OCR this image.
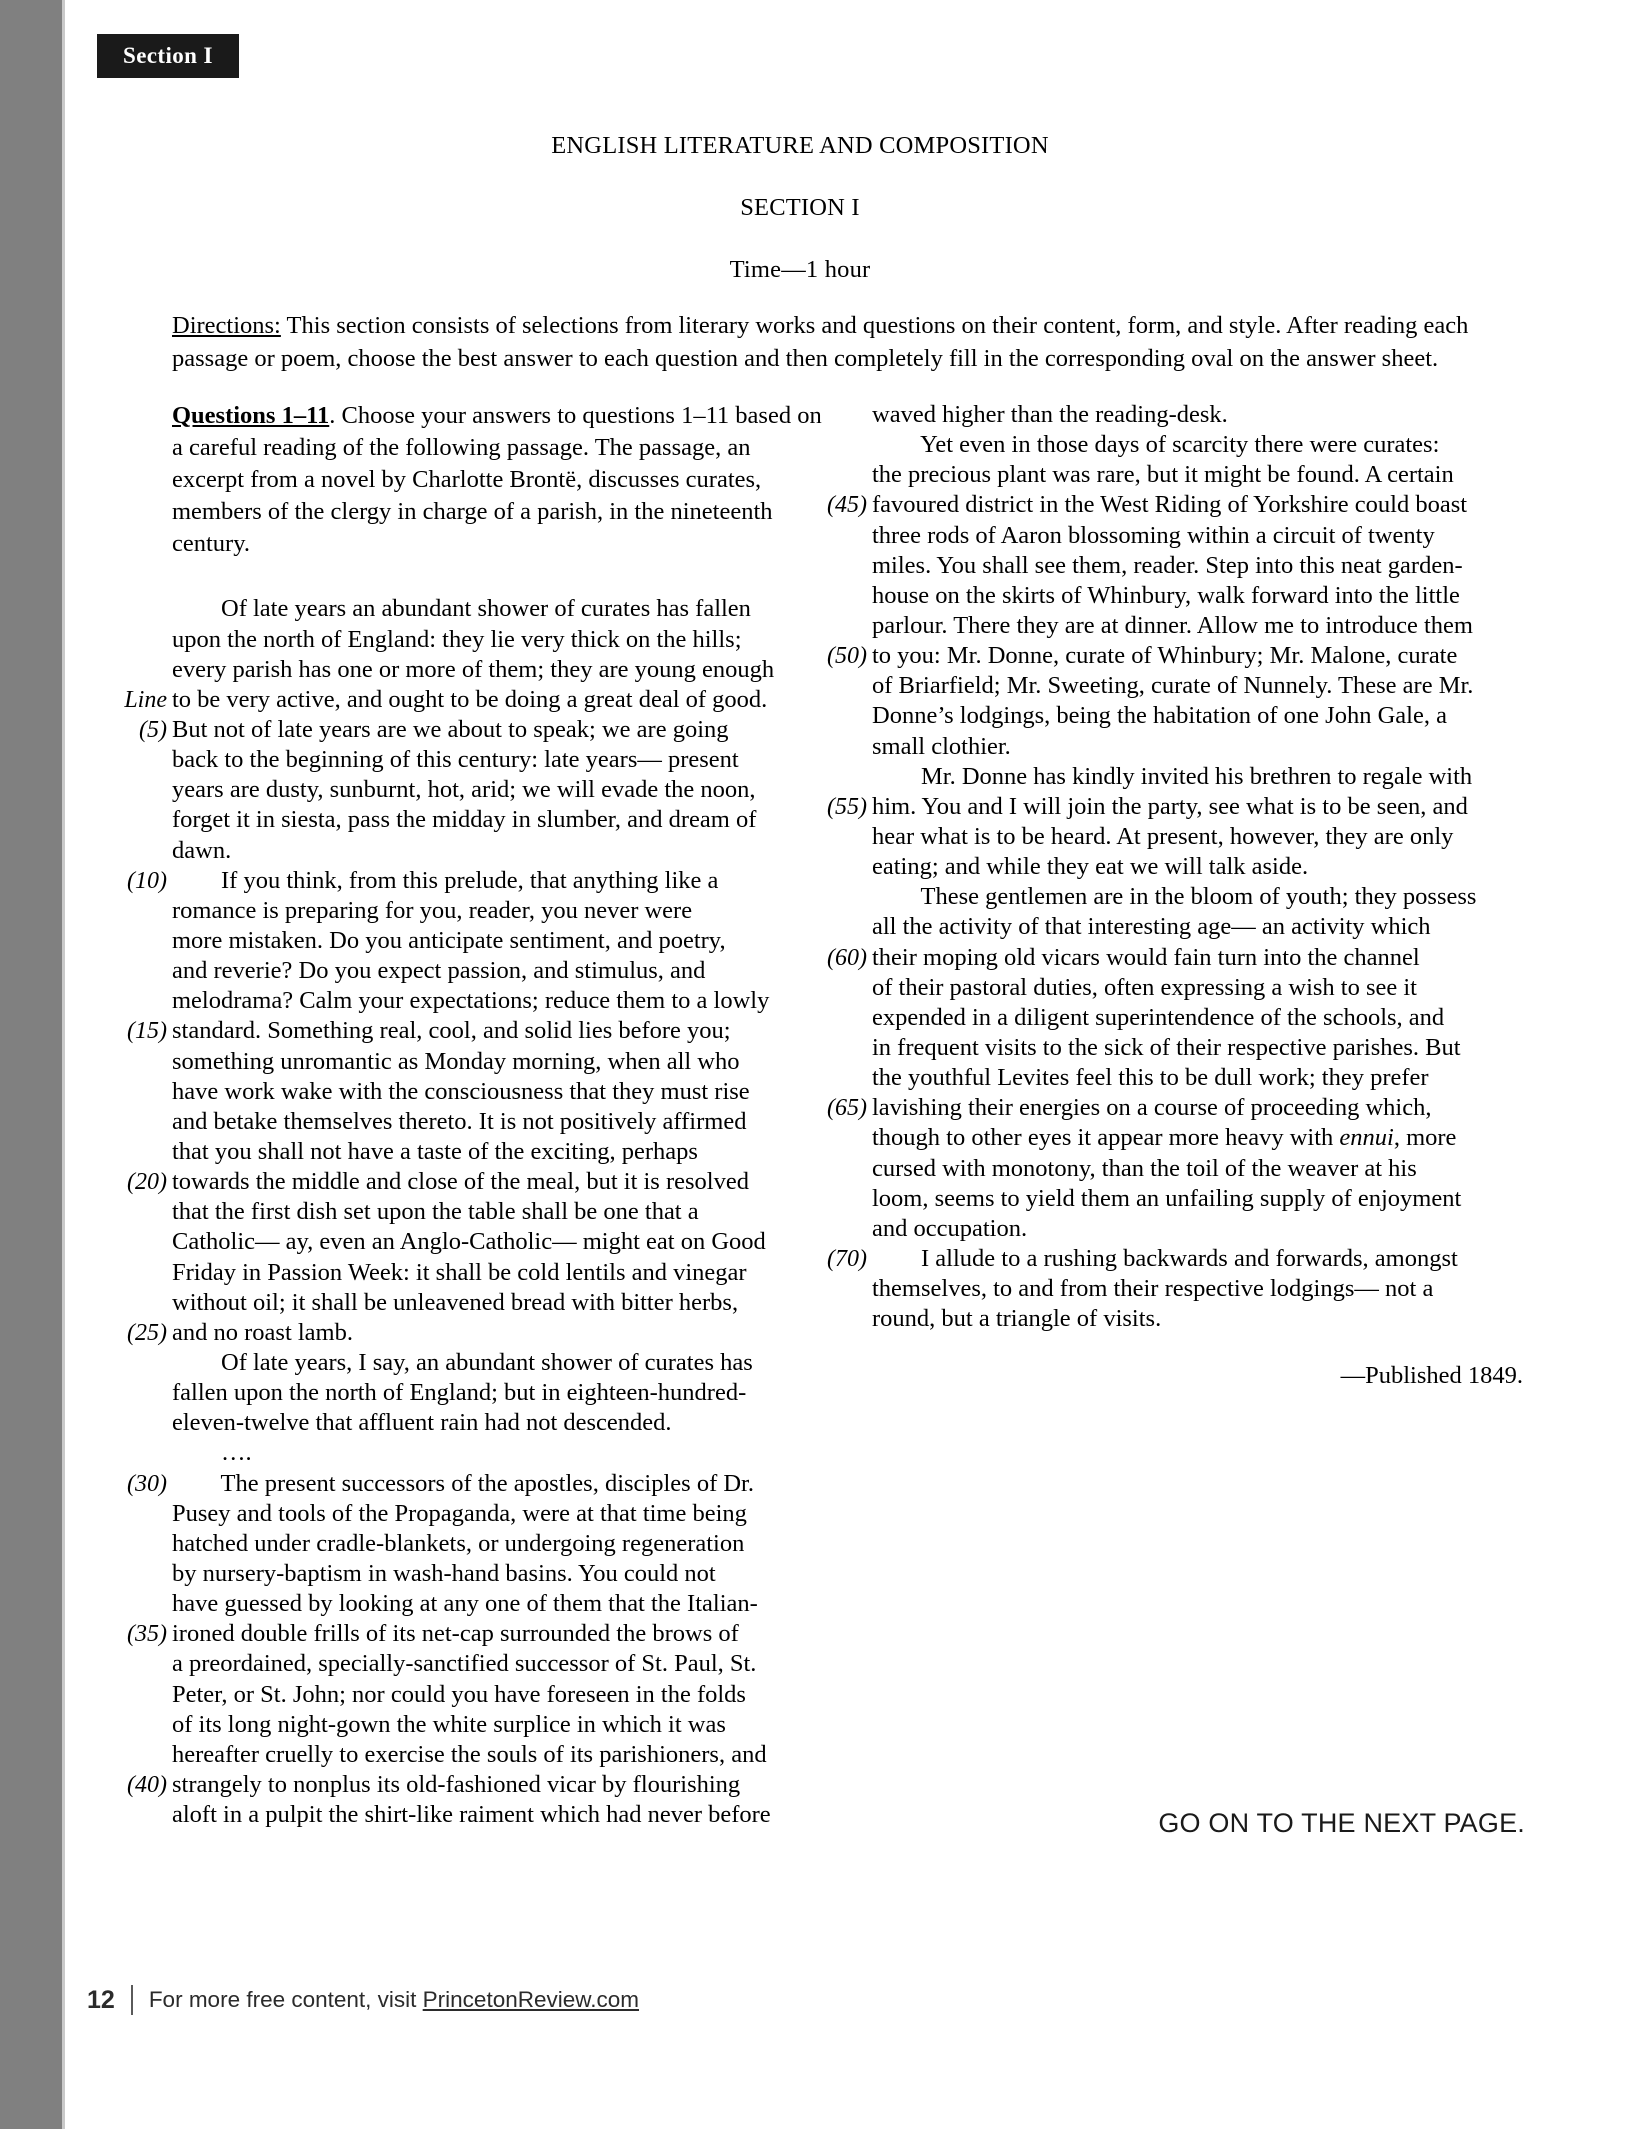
Section I
ENGLISH LITERATURE AND COMPOSITION
SECTION I
Time—1 hour
Directions: This section consists of selections from literary works and questions on their content, form, and style. After reading each passage or poem, choose the best answer to each question and then completely fill in the corresponding oval on the answer sheet.
Questions 1–11. Choose your answers to questions 1–11 based on a careful reading of the following passage. The passage, an excerpt from a novel by Charlotte Brontë, discusses curates, members of the clergy in charge of a parish, in the nineteenth century.
Of late years an abundant shower of curates has fallen
upon the north of England: they lie very thick on the hills;
every parish has one or more of them; they are young enough
Line to be very active, and ought to be doing a great deal of good.
(5) But not of late years are we about to speak; we are going
back to the beginning of this century: late years— present
years are dusty, sunburnt, hot, arid; we will evade the noon,
forget it in siesta, pass the midday in slumber, and dream of
dawn.
(10) If you think, from this prelude, that anything like a
romance is preparing for you, reader, you never were
more mistaken. Do you anticipate sentiment, and poetry,
and reverie? Do you expect passion, and stimulus, and
melodrama? Calm your expectations; reduce them to a lowly
(15) standard. Something real, cool, and solid lies before you;
something unromantic as Monday morning, when all who
have work wake with the consciousness that they must rise
and betake themselves thereto. It is not positively affirmed
that you shall not have a taste of the exciting, perhaps
(20) towards the middle and close of the meal, but it is resolved
that the first dish set upon the table shall be one that a
Catholic— ay, even an Anglo-Catholic— might eat on Good
Friday in Passion Week: it shall be cold lentils and vinegar
without oil; it shall be unleavened bread with bitter herbs,
(25) and no roast lamb.
Of late years, I say, an abundant shower of curates has
fallen upon the north of England; but in eighteen-hundred-
eleven-twelve that affluent rain had not descended.
….
(30) The present successors of the apostles, disciples of Dr.
Pusey and tools of the Propaganda, were at that time being
hatched under cradle-blankets, or undergoing regeneration
by nursery-baptism in wash-hand basins. You could not
have guessed by looking at any one of them that the Italian-
(35) ironed double frills of its net-cap surrounded the brows of
a preordained, specially-sanctified successor of St. Paul, St.
Peter, or St. John; nor could you have foreseen in the folds
of its long night-gown the white surplice in which it was
hereafter cruelly to exercise the souls of its parishioners, and
(40) strangely to nonplus its old-fashioned vicar by flourishing
aloft in a pulpit the shirt-like raiment which had never before
waved higher than the reading-desk.
Yet even in those days of scarcity there were curates:
the precious plant was rare, but it might be found. A certain
(45) favoured district in the West Riding of Yorkshire could boast
three rods of Aaron blossoming within a circuit of twenty
miles. You shall see them, reader. Step into this neat garden-
house on the skirts of Whinbury, walk forward into the little
parlour. There they are at dinner. Allow me to introduce them
(50) to you: Mr. Donne, curate of Whinbury; Mr. Malone, curate
of Briarfield; Mr. Sweeting, curate of Nunnely. These are Mr.
Donne’s lodgings, being the habitation of one John Gale, a
small clothier.
Mr. Donne has kindly invited his brethren to regale with
(55) him. You and I will join the party, see what is to be seen, and
hear what is to be heard. At present, however, they are only
eating; and while they eat we will talk aside.
These gentlemen are in the bloom of youth; they possess
all the activity of that interesting age— an activity which
(60) their moping old vicars would fain turn into the channel
of their pastoral duties, often expressing a wish to see it
expended in a diligent superintendence of the schools, and
in frequent visits to the sick of their respective parishes. But
the youthful Levites feel this to be dull work; they prefer
(65) lavishing their energies on a course of proceeding which,
though to other eyes it appear more heavy with ennui, more
cursed with monotony, than the toil of the weaver at his
loom, seems to yield them an unfailing supply of enjoyment
and occupation.
(70) I allude to a rushing backwards and forwards, amongst
themselves, to and from their respective lodgings— not a
round, but a triangle of visits.
—Published 1849.
GO ON TO THE NEXT PAGE.
12 For more free content, visit PrincetonReview.com
